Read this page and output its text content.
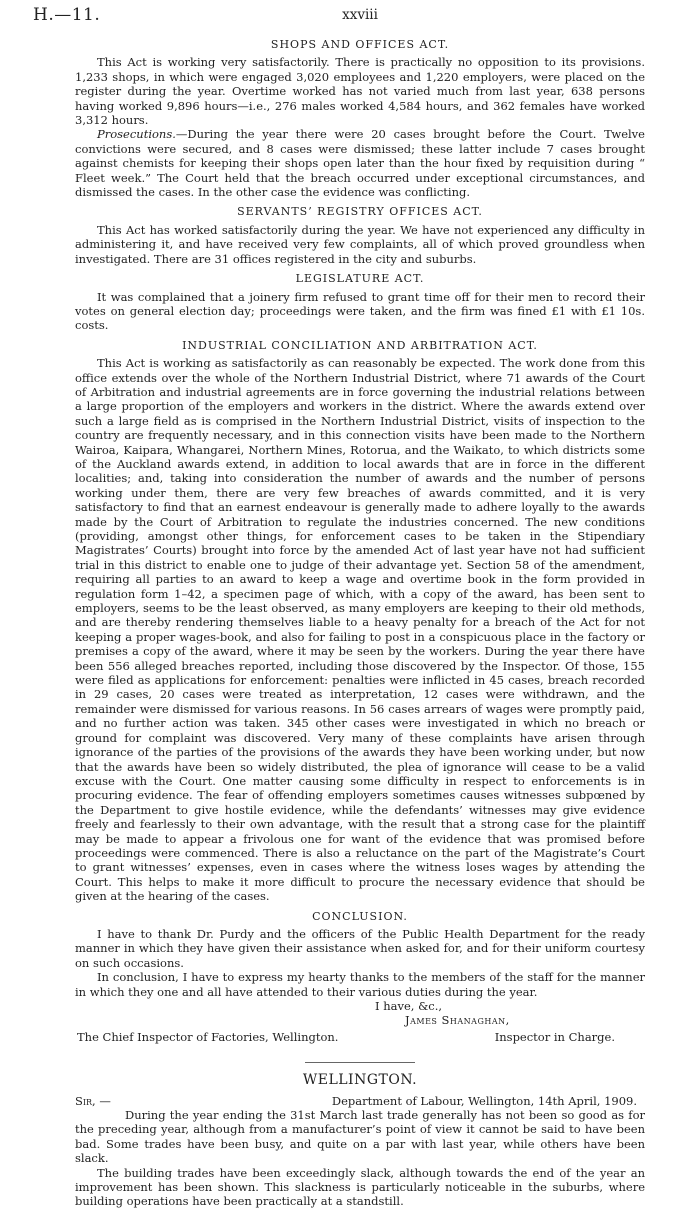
H.—11.	xxviii
SHOPS AND OFFICES ACT.

This Act is working very satisfactorily. There is practically no opposition to its provisions. 1,233 shops, in which were engaged 3,020 employees and 1,220 employers, were placed on the register during the year. Overtime worked has not varied much from last year, 638 persons having worked 9,896 hours—i.e., 276 males worked 4,584 hours, and 362 females have worked 3,312 hours.

Prosecutions.—During the year there were 20 cases brought before the Court. Twelve convictions were secured, and 8 cases were dismissed; these latter include 7 cases brought against chemists for keeping their shops open later than the hour fixed by requisition during “ Fleet week.” The Court held that the breach occurred under exceptional circumstances, and dismissed the cases. In the other case the evidence was conflicting.

SERVANTS’ REGISTRY OFFICES ACT.

This Act has worked satisfactorily during the year. We have not experienced any difficulty in administering it, and have received very few complaints, all of which proved groundless when investigated. There are 31 offices registered in the city and suburbs.

LEGISLATURE ACT.

It was complained that a joinery firm refused to grant time off for their men to record their votes on general election day; proceedings were taken, and the firm was fined £1 with £1 10s. costs.

INDUSTRIAL CONCILIATION AND ARBITRATION ACT.

This Act is working as satisfactorily as can reasonably be expected. The work done from this office extends over the whole of the Northern Industrial District, where 71 awards of the Court of Arbitration and industrial agreements are in force governing the industrial relations between a large proportion of the employers and workers in the district. Where the awards extend over such a large field as is comprised in the Northern Industrial District, visits of inspection to the country are frequently necessary, and in this connection visits have been made to the Northern Wairoa, Kaipara, Whangarei, Northern Mines, Rotorua, and the Waikato, to which districts some of the Auckland awards extend, in addition to local awards that are in force in the different localities; and, taking into consideration the number of awards and the number of persons working under them, there are very few breaches of awards committed, and it is very satisfactory to find that an earnest endeavour is generally made to adhere loyally to the awards made by the Court of Arbitration to regulate the industries concerned. The new conditions (providing, amongst other things, for enforcement cases to be taken in the Stipendiary Magistrates’ Courts) brought into force by the amended Act of last year have not had sufficient trial in this district to enable one to judge of their advantage yet. Section 58 of the amendment, requiring all parties to an award to keep a wage and overtime book in the form provided in regulation form 1–42, a specimen page of which, with a copy of the award, has been sent to employers, seems to be the least observed, as many employers are keeping to their old methods, and are thereby rendering themselves liable to a heavy penalty for a breach of the Act for not keeping a proper wages-book, and also for failing to post in a conspicuous place in the factory or premises a copy of the award, where it may be seen by the workers. During the year there have been 556 alleged breaches reported, including those discovered by the Inspector. Of those, 155 were filed as applications for enforcement: penalties were inflicted in 45 cases, breach recorded in 29 cases, 20 cases were treated as interpretation, 12 cases were withdrawn, and the remainder were dismissed for various reasons. In 56 cases arrears of wages were promptly paid, and no further action was taken. 345 other cases were investigated in which no breach or ground for complaint was discovered. Very many of these complaints have arisen through ignorance of the parties of the provisions of the awards they have been working under, but now that the awards have been so widely distributed, the plea of ignorance will cease to be a valid excuse with the Court. One matter causing some difficulty in respect to enforcements is in procuring evidence. The fear of offending employers sometimes causes witnesses subpœned by the Department to give hostile evidence, while the defendants’ witnesses may give evidence freely and fearlessly to their own advantage, with the result that a strong case for the plaintiff may be made to appear a frivolous one for want of the evidence that was promised before proceedings were commenced. There is also a reluctance on the part of the Magistrate’s Court to grant witnesses’ expenses, even in cases where the witness loses wages by attending the Court. This helps to make it more difficult to procure the necessary evidence that should be given at the hearing of the cases.

CONCLUSION.

I have to thank Dr. Purdy and the officers of the Public Health Department for the ready manner in which they have given their assistance when asked for, and for their uniform courtesy on such occasions.

In conclusion, I have to express my hearty thanks to the members of the staff for the manner in which they one and all have attended to their various duties during the year.

I have, &c.,
James Shanaghan,
The Chief Inspector of Factories, Wellington.	Inspector in Charge.
WELLINGTON.
Sir, —	Department of Labour, Wellington, 14th April, 1909.

During the year ending the 31st March last trade generally has not been so good as for the preceding year, although from a manufacturer’s point of view it cannot be said to have been bad. Some trades have been busy, and quite on a par with last year, while others have been slack.

The building trades have been exceedingly slack, although towards the end of the year an improvement has been shown. This slackness is particularly noticeable in the suburbs, where building operations have been practically at a standstill.
